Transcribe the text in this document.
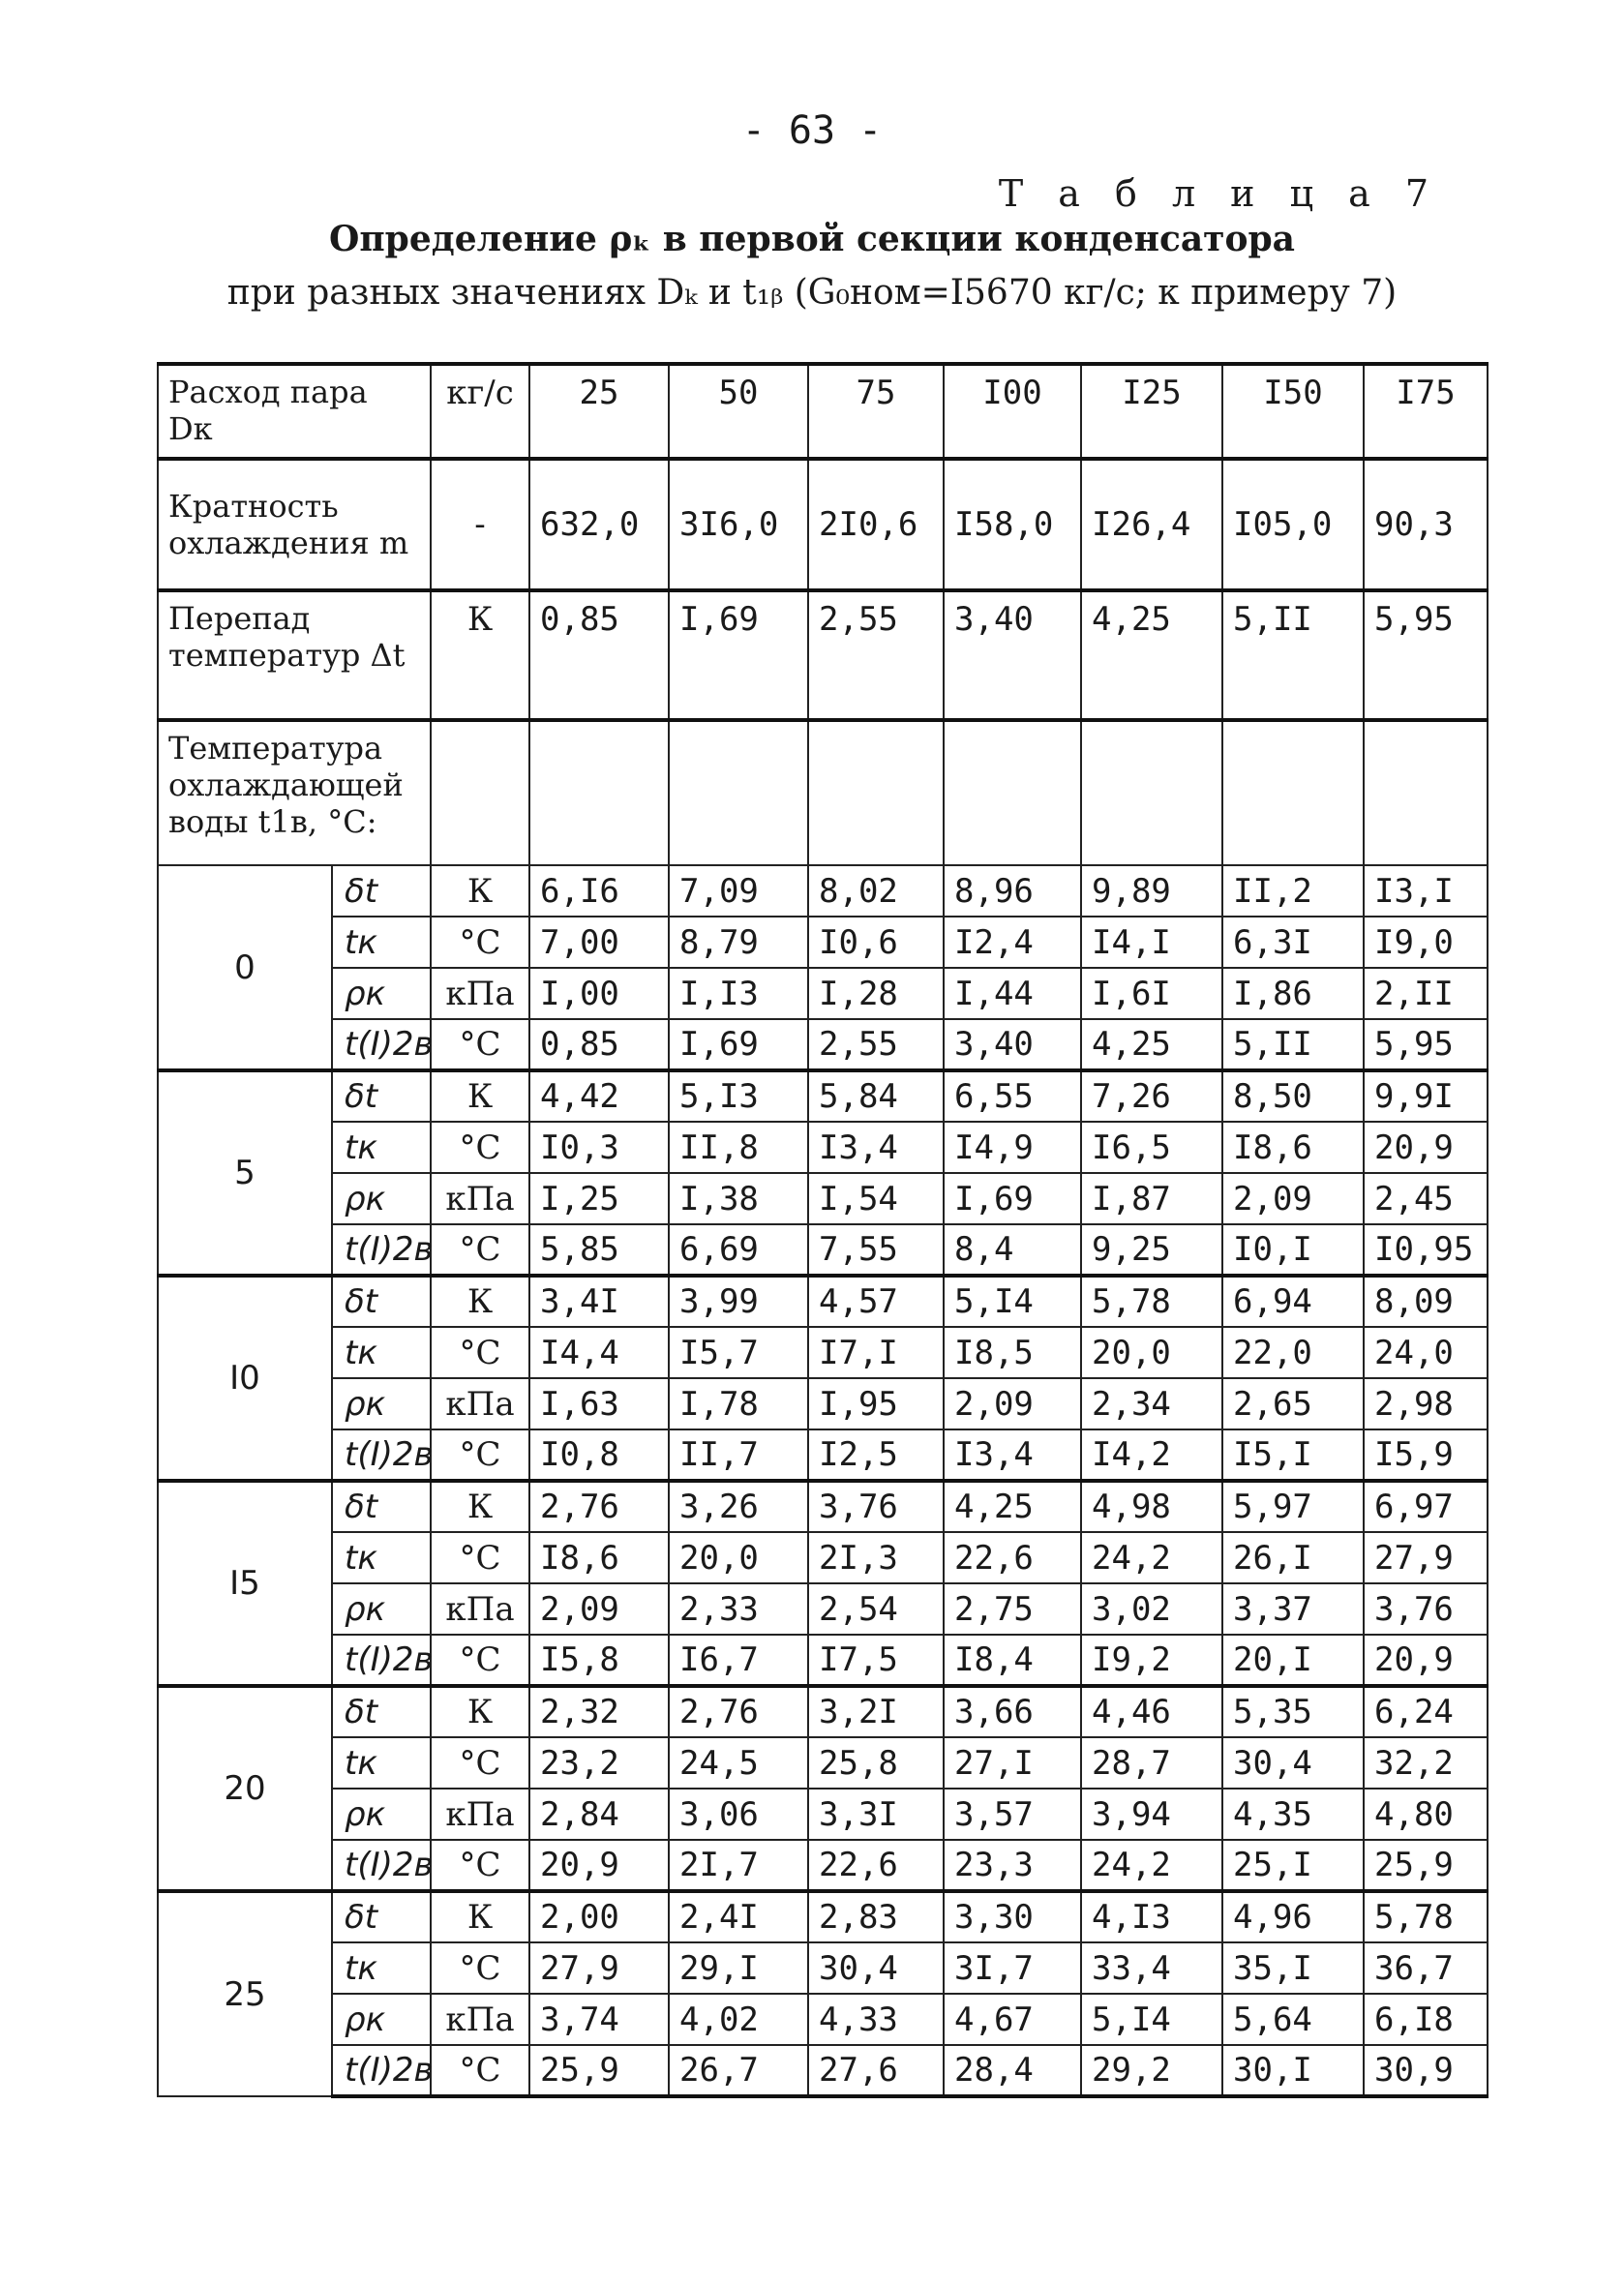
- 63 -
Т а б л и ц а 7
Определение ρₖ в первой секции конденсатора
при разных значениях Dₖ и t₁ᵦ (G₀ном=I5670 кг/с; к примеру 7)
Расход пара Dк		кг/с	25	50	75	I00	I25	I50	I75
Кратность охлаждения m		-	632,0	3I6,0	2I0,6	I58,0	I26,4	I05,0	90,3
Перепад температур Δt		К	0,85	I,69	2,55	3,40	4,25	5,II	5,95
Температура охлаждающей воды t1в, °С:									
0	δt	К	6,I6	7,09	8,02	8,96	9,89	II,2	I3,I
	tк	°С	7,00	8,79	I0,6	I2,4	I4,I	6,3I	I9,0
	ρк	кПа	I,00	I,I3	I,28	I,44	I,6I	I,86	2,II
	t(I)2в	°С	0,85	I,69	2,55	3,40	4,25	5,II	5,95
5	δt	К	4,42	5,I3	5,84	6,55	7,26	8,50	9,9I
	tк	°С	I0,3	II,8	I3,4	I4,9	I6,5	I8,6	20,9
	ρк	кПа	I,25	I,38	I,54	I,69	I,87	2,09	2,45
	t(I)2в	°С	5,85	6,69	7,55	8,4	9,25	I0,I	I0,95
I0	δt	К	3,4I	3,99	4,57	5,I4	5,78	6,94	8,09
	tк	°С	I4,4	I5,7	I7,I	I8,5	20,0	22,0	24,0
	ρк	кПа	I,63	I,78	I,95	2,09	2,34	2,65	2,98
	t(I)2в	°С	I0,8	II,7	I2,5	I3,4	I4,2	I5,I	I5,9
I5	δt	К	2,76	3,26	3,76	4,25	4,98	5,97	6,97
	tк	°С	I8,6	20,0	2I,3	22,6	24,2	26,I	27,9
	ρк	кПа	2,09	2,33	2,54	2,75	3,02	3,37	3,76
	t(I)2в	°С	I5,8	I6,7	I7,5	I8,4	I9,2	20,I	20,9
20	δt	К	2,32	2,76	3,2I	3,66	4,46	5,35	6,24
	tк	°С	23,2	24,5	25,8	27,I	28,7	30,4	32,2
	ρк	кПа	2,84	3,06	3,3I	3,57	3,94	4,35	4,80
	t(I)2в	°С	20,9	2I,7	22,6	23,3	24,2	25,I	25,9
25	δt	К	2,00	2,4I	2,83	3,30	4,I3	4,96	5,78
	tк	°С	27,9	29,I	30,4	3I,7	33,4	35,I	36,7
	ρк	кПа	3,74	4,02	4,33	4,67	5,I4	5,64	6,I8
	t(I)2в	°С	25,9	26,7	27,6	28,4	29,2	30,I	30,9
